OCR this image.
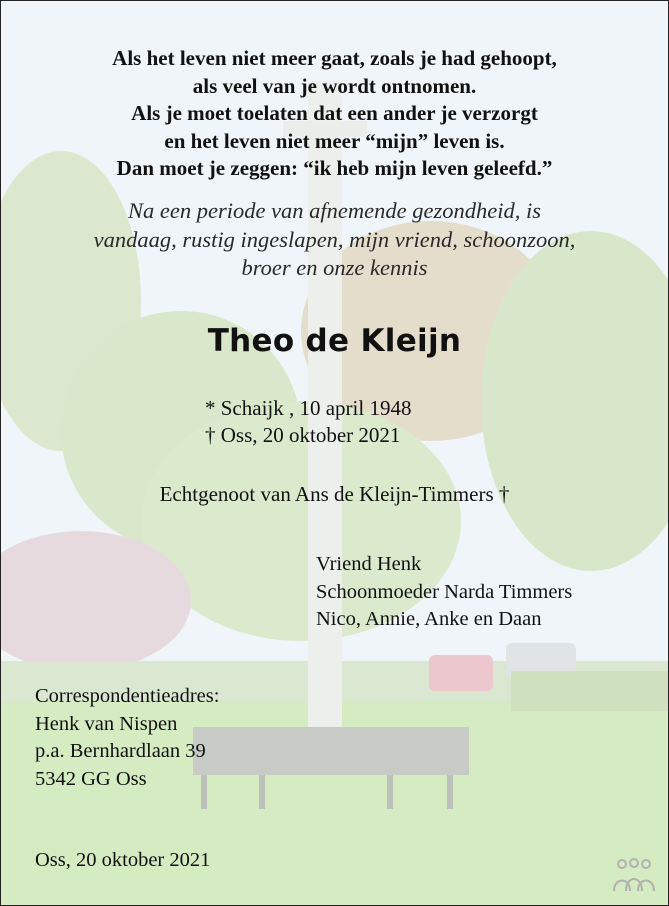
Als het leven niet meer gaat, zoals je had gehoopt,
als veel van je wordt ontnomen.
Als je moet toelaten dat een ander je verzorgt
en het leven niet meer “mijn” leven is.
Dan moet je zeggen: “ik heb mijn leven geleefd.”
Na een periode van afnemende gezondheid, is
vandaag, rustig ingeslapen, mijn vriend, schoonzoon,
broer en onze kennis
Theo de Kleijn
* Schaijk , 10 april 1948
† Oss, 20 oktober 2021
Echtgenoot van Ans de Kleijn-Timmers †
Vriend Henk
Schoonmoeder Narda Timmers
Nico, Annie, Anke en Daan
Correspondentieadres:
Henk van Nispen
p.a. Bernhardlaan 39
5342 GG Oss
Oss, 20 oktober 2021
